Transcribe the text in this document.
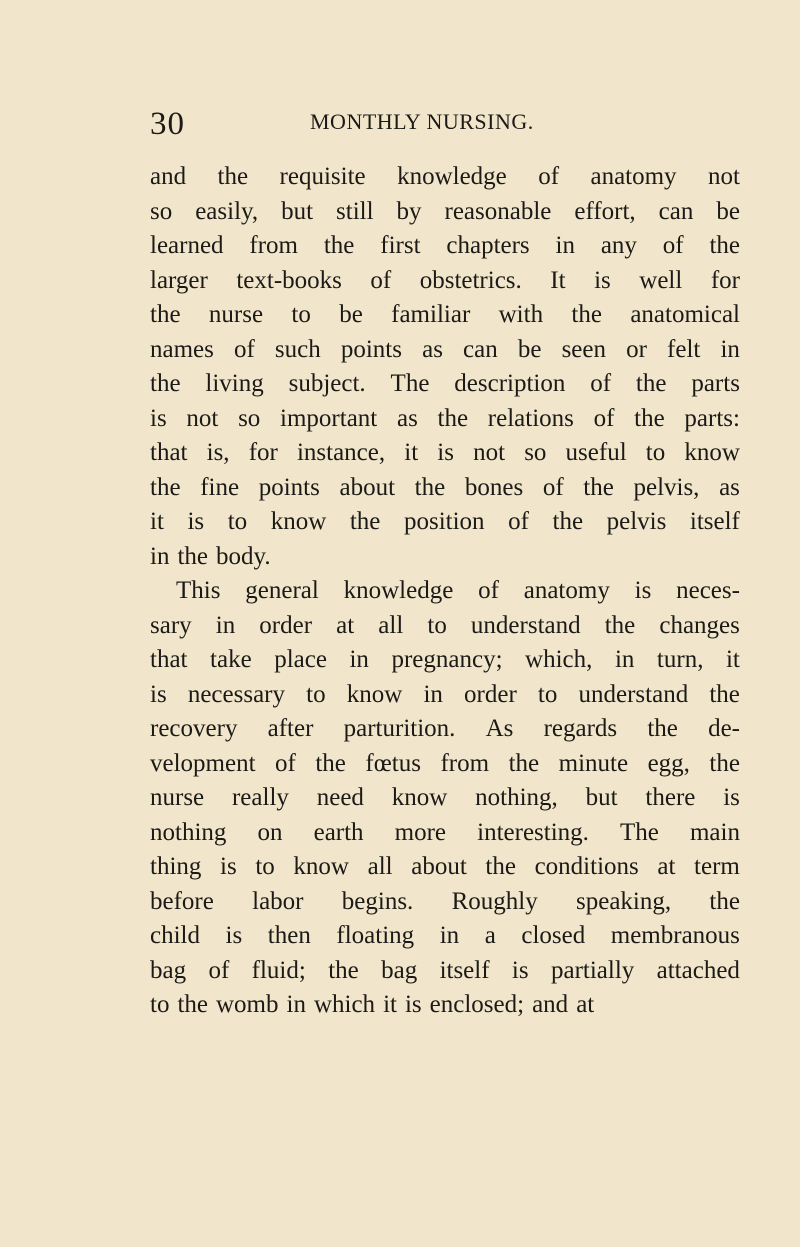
30	MONTHLY NURSING.
and the requisite knowledge of anatomy not
so easily, but still by reasonable effort, can be
learned from the first chapters in any of the
larger text-books of obstetrics. It is well for
the nurse to be familiar with the anatomical
names of such points as can be seen or felt in
the living subject. The description of the parts
is not so important as the relations of the parts:
that is, for instance, it is not so useful to know
the fine points about the bones of the pelvis, as
it is to know the position of the pelvis itself
in the body.
This general knowledge of anatomy is neces-
sary in order at all to understand the changes
that take place in pregnancy; which, in turn, it
is necessary to know in order to understand the
recovery after parturition. As regards the de-
velopment of the fœtus from the minute egg, the
nurse really need know nothing, but there is
nothing on earth more interesting. The main
thing is to know all about the conditions at term
before labor begins. Roughly speaking, the
child is then floating in a closed membranous
bag of fluid; the bag itself is partially attached
to the womb in which it is enclosed; and at
